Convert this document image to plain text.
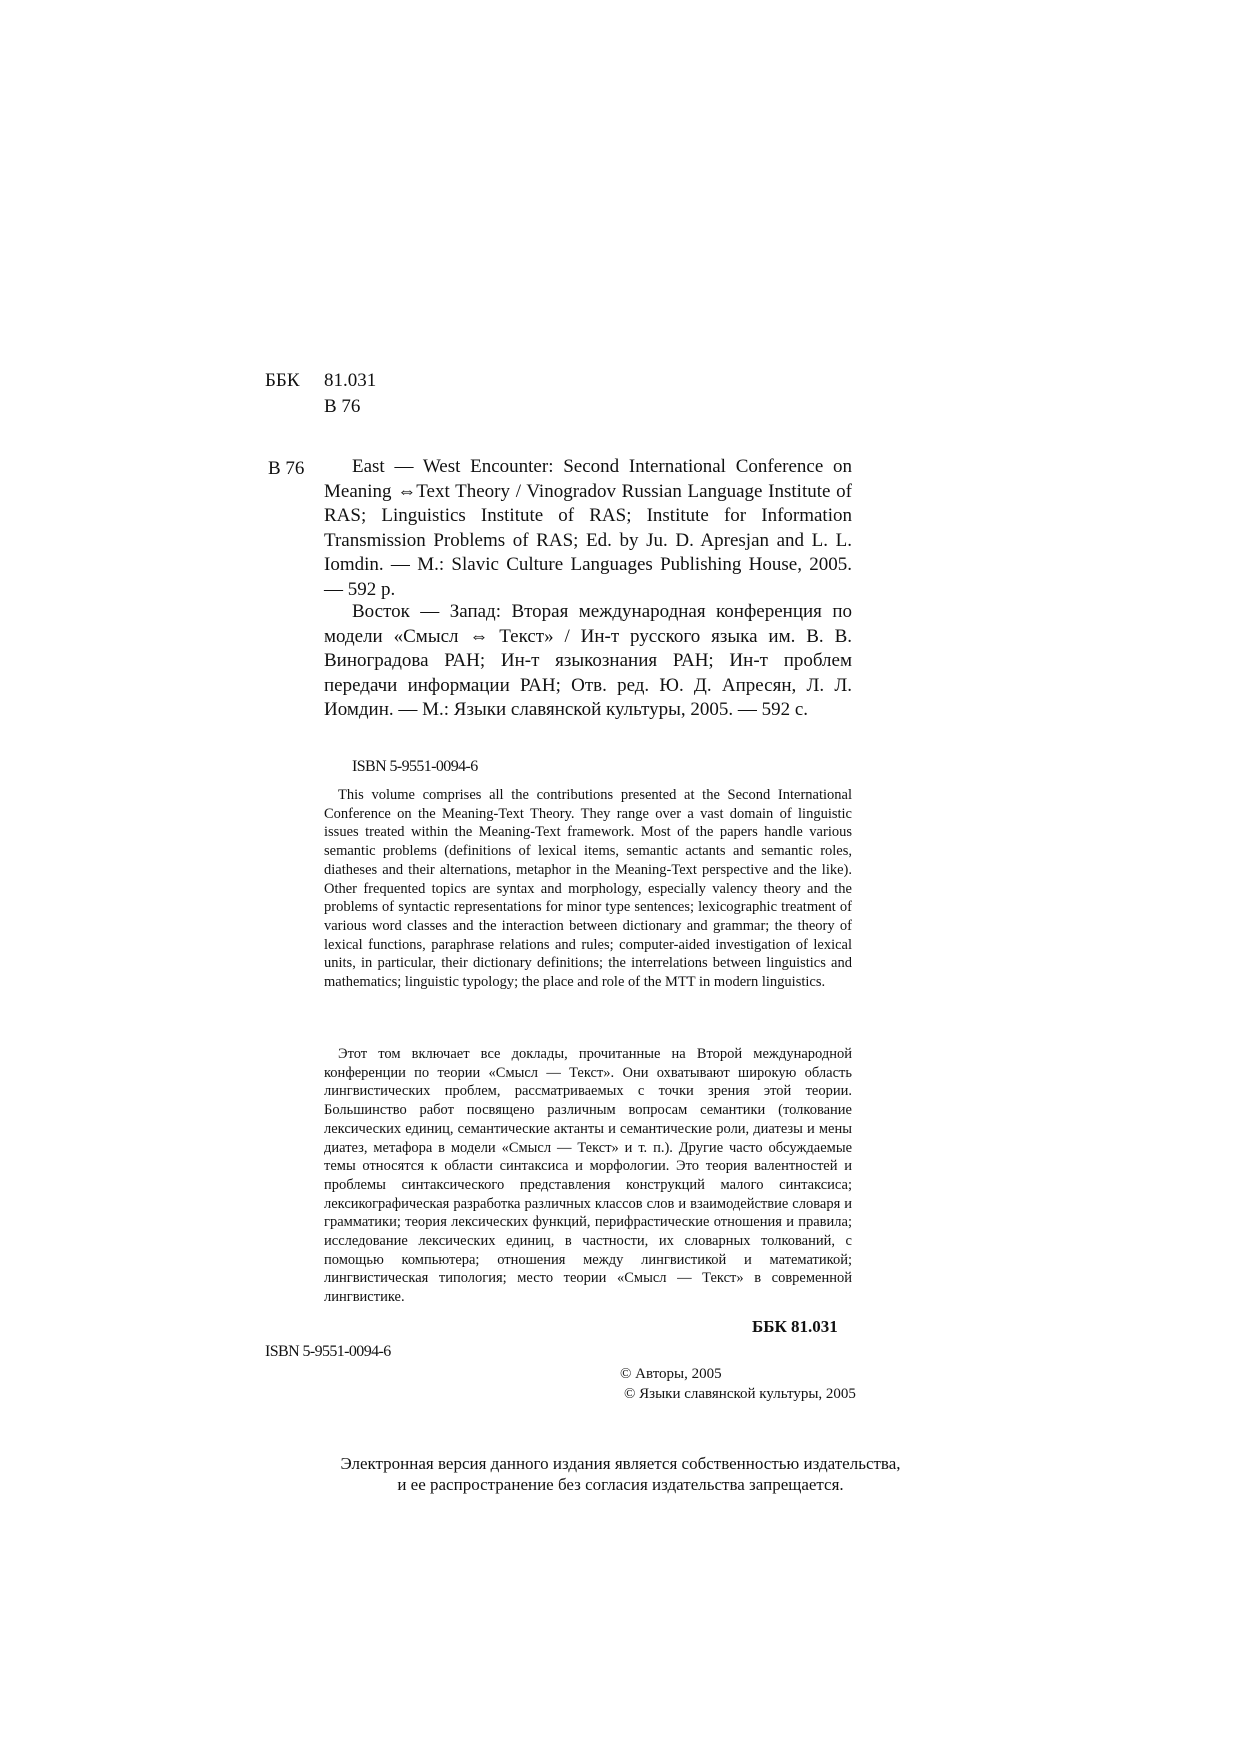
ББК 81.031
В 76
В 76	East — West Encounter: Second International Conference on Meaning ⇔Text Theory / Vinogradov Russian Language Institute of RAS; Linguistics Institute of RAS; Institute for Information Transmission Problems of RAS; Ed. by Ju. D. Apresjan and L. L. Iomdin. — M.: Slavic Culture Languages Publishing House, 2005. — 592 p.

Восток — Запад: Вторая международная конференция по модели «Смысл ⇔ Текст» / Ин-т русского языка им. В. В. Виноградова РАН; Ин-т языкознания РАН; Ин-т проблем передачи информации РАН; Отв. ред. Ю. Д. Апресян, Л. Л. Иомдин. — М.: Языки славянской культуры, 2005. — 592 с.

ISBN 5-9551-0094-6

This volume comprises all the contributions presented at the Second International Conference on the Meaning-Text Theory. They range over a vast domain of linguistic issues treated within the Meaning-Text framework. Most of the papers handle various semantic problems (definitions of lexical items, semantic actants and semantic roles, diatheses and their alternations, metaphor in the Meaning-Text perspective and the like). Other frequented topics are syntax and morphology, especially valency theory and the problems of syntactic representations for minor type sentences; lexicographic treatment of various word classes and the interaction between dictionary and grammar; the theory of lexical functions, paraphrase relations and rules; computer-aided investigation of lexical units, in particular, their dictionary definitions; the interrelations between linguistics and mathematics; linguistic typology; the place and role of the MTT in modern linguistics.

Этот том включает все доклады, прочитанные на Второй международной конференции по теории «Смысл — Текст». Они охватывают широкую область лингвистических проблем, рассматриваемых с точки зрения этой теории. Большинство работ посвящено различным вопросам семантики (толкование лексических единиц, семантические актанты и семантические роли, диатезы и мены диатез, метафора в модели «Смысл — Текст» и т. п.). Другие часто обсуждаемые темы относятся к области синтаксиса и морфологии. Это теория валентностей и проблемы синтаксического представления конструкций малого синтаксиса; лексикографическая разработка различных классов слов и взаимодействие словаря и грамматики; теория лексических функций, перифрастические отношения и правила; исследование лексических единиц, в частности, их словарных толкований, с помощью компьютера; отношения между лингвистикой и математикой; лингвистическая типология; место теории «Смысл — Текст» в современной лингвистике.

ББК 81.031
ISBN 5-9551-0094-6
© Авторы, 2005
© Языки славянской культуры, 2005

Электронная версия данного издания является собственностью издательства,
и ее распространение без согласия издательства запрещается.
